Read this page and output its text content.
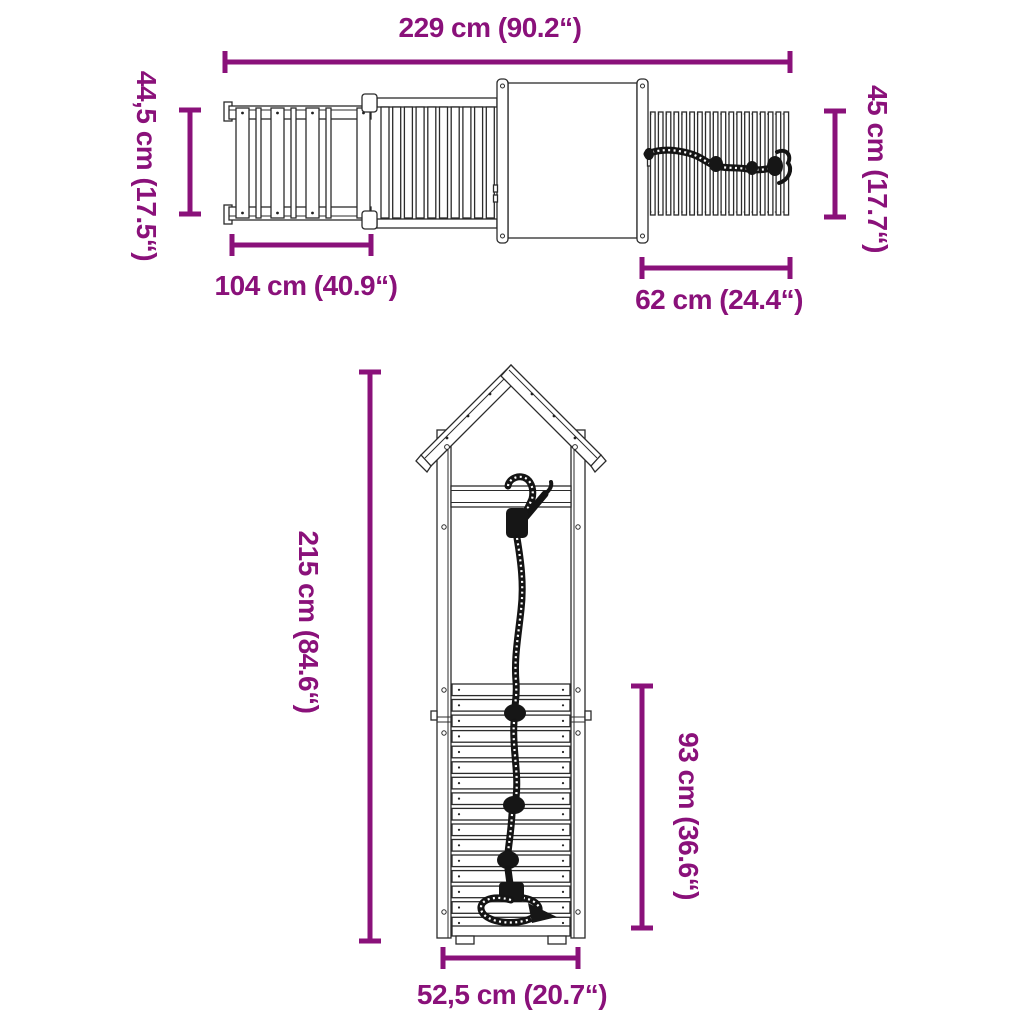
229 cm (90.2“)
44,5 cm (17.5“)	45 cm (17.7“)
104 cm (40.9“)	62 cm (24.4“)
215 cm (84.6“)
93 cm (36.6“)
52,5 cm (20.7“)
